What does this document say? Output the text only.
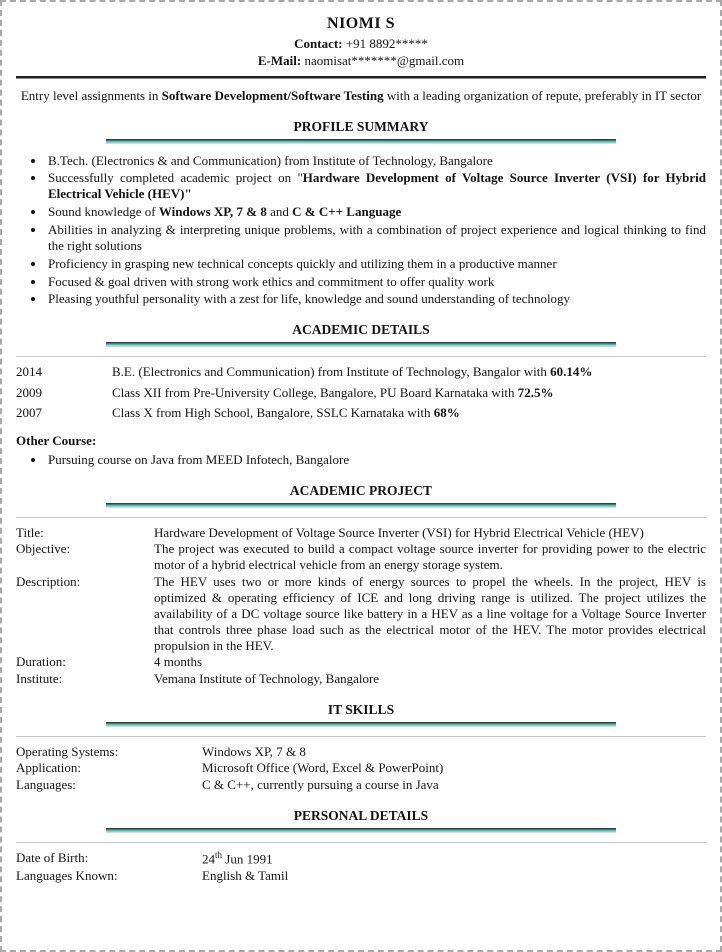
NIOMI S
Contact: +91 8892*****
E-Mail: naomisat*******@gmail.com
Entry level assignments in Software Development/Software Testing with a leading organization of repute, preferably in IT sector
PROFILE SUMMARY
• B.Tech. (Electronics & and Communication) from Institute of Technology, Bangalore
• Successfully completed academic project on "Hardware Development of Voltage Source Inverter (VSI) for Hybrid Electrical Vehicle (HEV)"
• Sound knowledge of Windows XP, 7 & 8 and C & C++ Language
• Abilities in analyzing & interpreting unique problems, with a combination of project experience and logical thinking to find the right solutions
• Proficiency in grasping new technical concepts quickly and utilizing them in a productive manner
• Focused & goal driven with strong work ethics and commitment to offer quality work
• Pleasing youthful personality with a zest for life, knowledge and sound understanding of technology
ACADEMIC DETAILS
2014	B.E. (Electronics and Communication) from Institute of Technology, Bangalor with 60.14%
2009	Class XII from Pre-University College, Bangalore, PU Board Karnataka with 72.5%
2007	Class X from High School, Bangalore, SSLC Karnataka with 68%
Other Course:
• Pursuing course on Java from MEED Infotech, Bangalore
ACADEMIC PROJECT
Title:	Hardware Development of Voltage Source Inverter (VSI) for Hybrid Electrical Vehicle (HEV)
Objective:	The project was executed to build a compact voltage source inverter for providing power to the electric motor of a hybrid electrical vehicle from an energy storage system.
Description:	The HEV uses two or more kinds of energy sources to propel the wheels. In the project, HEV is optimized & operating efficiency of ICE and long driving range is utilized. The project utilizes the availability of a DC voltage source like battery in a HEV as a line voltage for a Voltage Source Inverter that controls three phase load such as the electrical motor of the HEV. The motor provides electrical propulsion in the HEV.
Duration:	4 months
Institute:	Vemana Institute of Technology, Bangalore
IT SKILLS
Operating Systems:	Windows XP, 7 & 8
Application:	Microsoft Office (Word, Excel & PowerPoint)
Languages:	C & C++, currently pursuing a course in Java
PERSONAL DETAILS
Date of Birth:	24th Jun 1991
Languages Known:	English & Tamil
